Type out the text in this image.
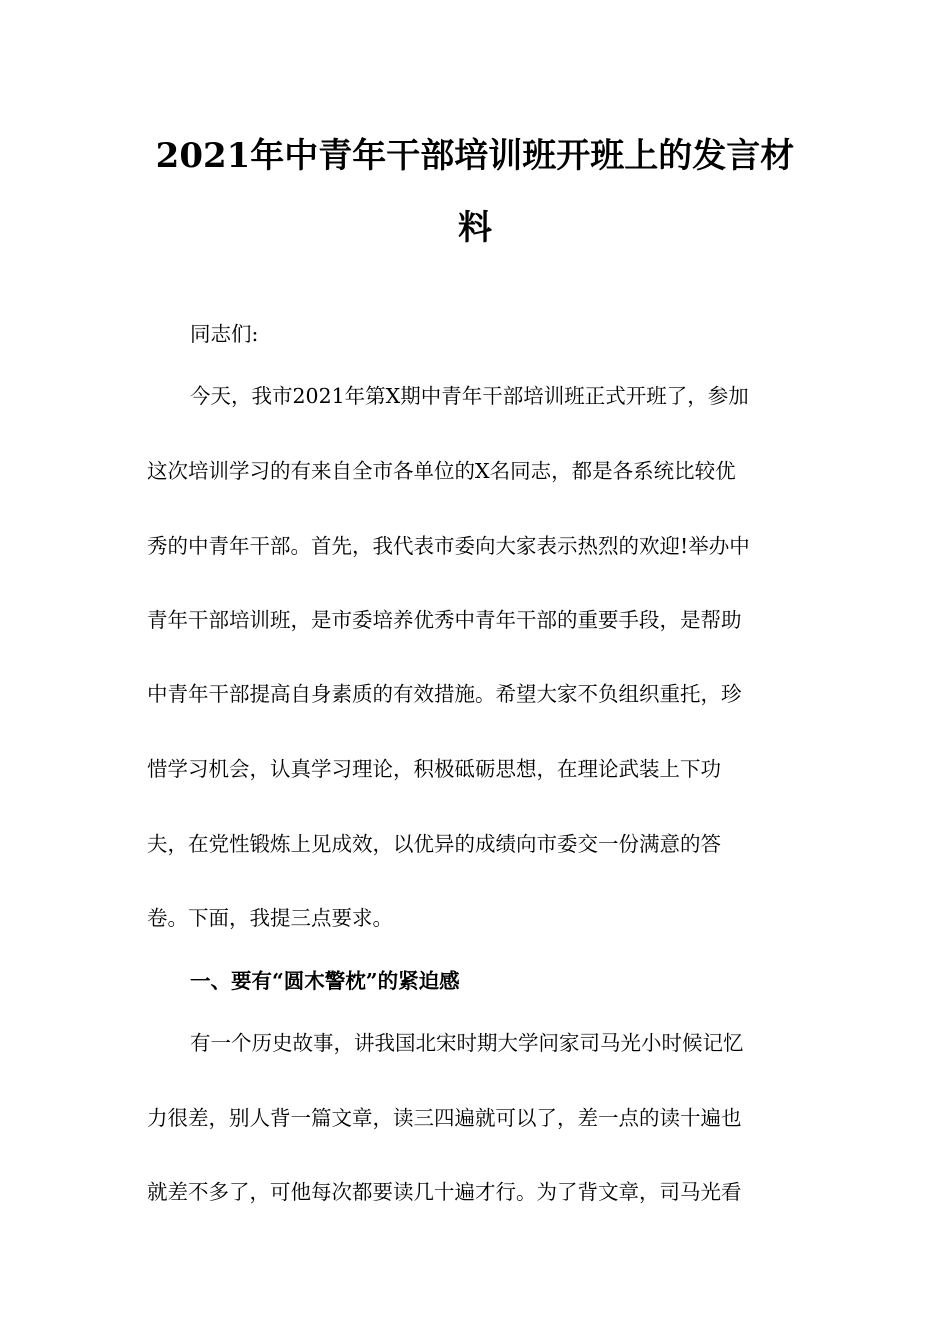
2021年中青年干部培训班开班上的发言材
料
同志们:
今天，我市2021年第X期中青年干部培训班正式开班了，参加
这次培训学习的有来自全市各单位的X名同志，都是各系统比较优
秀的中青年干部。首先，我代表市委向大家表示热烈的欢迎!举办中
青年干部培训班，是市委培养优秀中青年干部的重要手段，是帮助
中青年干部提高自身素质的有效措施。希望大家不负组织重托，珍
惜学习机会，认真学习理论，积极砥砺思想，在理论武装上下功
夫，在党性锻炼上见成效，以优异的成绩向市委交一份满意的答
卷。下面，我提三点要求。
一、要有“圆木警枕”的紧迫感
有一个历史故事，讲我国北宋时期大学问家司马光小时候记忆
力很差，别人背一篇文章，读三四遍就可以了，差一点的读十遍也
就差不多了，可他每次都要读几十遍才行。为了背文章，司马光看
